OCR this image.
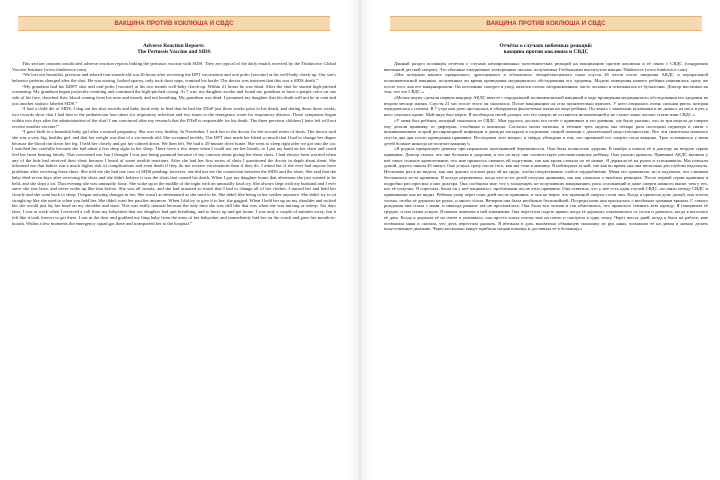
ВАКЦИНА ПРОТИВ КОКЛЮША И СВДС
Adverse Reaction Reports:
The Pertussis Vaccine and SIDS

This section contains unsolicited adverse reaction reports linking the pertussis vaccine with SIDS. They are typical of the daily emails received by the Thinktwice Global Vaccine Institute (www.thinktwice.com).

“We lost our beautiful, precious and adored four-month-old son 26 hours after receiving the DPT vaccination and oral polio [vaccine] at his well-baby check-up. Our son's behavior patterns changed after the shot. He was staring, looked spacey, only took short naps, vomited his bottle. The doctor was insistent that this was a SIDS death.”

“My grandson had his IsDPT shot and oral polio [vaccine] at his two month well-baby check-up. Within 21 hours he was dead. After the shot he started high-pitched screaming. My grandson began projectile vomiting and continued the high-pitched crying. At 7 a.m. my daughter awoke and found my grandson to have a purple color on one side of his face, clenched fists, blood coming from his nose and mouth, and not breathing. My grandson was dead. I promised my daughter that his death will not be in vain and just another statistic labeled SIDS.”

“I had a child die of SIDS. I dug out his shot records and baby book only to find that he had the DTaP just three weeks prior to his death, and during those three weeks, two records show that I had him to the pediatrician four times for respiratory infection and two times to the emergency room for respiratory distress. These symptoms began within two days after the administration of the shot! I am convinced after my research that the DTaP is responsible for his death. The three previous children I have left will not receive another vaccine!”

“I gave birth to a beautiful baby girl after a normal pregnancy. She was very healthy. In November, I took her to the doctor for her second series of shots. The doctor said she was a very big, healthy girl, and that her weight was that of a six-month-old. She screamed terribly. The DPT shot made her bleed so much that I had to change her diaper because the blood ran down her leg. I held her closely and got her calmed down. We then left. We had a 45-minute drive home. She went to sleep right after we got into the car. I watched her carefully because she had taken a few deep sighs in her sleep. There were a few times when I could not see her breath, so I put my hand on her chest and could feel her heart beating faintly. This concerned me, but I thought I was just being paranoid because of my concern about giving her these shots. I had always been worried when any of the kids had received their shots because I heard of some terrible reactions. After she had her first series of shots I questioned the doctor in depth about them. She informed me that babies run a much higher risk of complications and even death if they do not receive vaccinations than if they do. I asked her if she ever had anyone have problems after receiving these shots. She told me she had one case of SIDS pending; however, she did not see the connection between the SIDS and the shots. She said that the baby died seven days after receiving the shots and she didn't believe it was the shots that caused his death. When I got my daughter home that afternoon she just wanted to be held, and she slept a lot. That evening she was unusually fussy. She woke up in the middle of the night with an unusually loud cry. She always slept with my husband and I ever since she was born, and never woke up like that before. She was all sweaty, and she had urinated so much that I had to change all of her clothes. I nursed her and held her closely and she went back to sleep. I began noticing changes in her. She wasn't as determined as she used to be. She didn't like being in her walker anymore. She didn't try to sit straight up like she used to when you held her. She didn't want her pacifier anymore. When I did try to give it to her, she gagged. When I held her up on my shoulder and rocked her she would just lay her head on my shoulder and stare. This was really unusual because the only time she was still like that was when she was nursing or asleep. Six days later, I was at work when I received a call from my babysitter that our daughter had quit breathing, and to hurry up and get home. I was only a couple of minutes away, but it felt like it took forever to get there. I ran in the door and grabbed my limp baby from the arms of her babysitter and immediately laid her on the couch and gave her mouth-to-mouth. Within a few moments the emergency squad got there and transported her to the hospital.”

ВАКЦИНА ПРОТИВ КОКЛЮША И СВДС
Отчёты о случаях побочных реакций:
вакцина против коклюша и СВДС

Данный раздел посвящён отчётам о случаях незапрошенных патогенических реакций на вакцинацию против коклюша и её связи с СВДС (синдромом внезапной детской смерти). Это обычные ежедневные электронные письма, получаемые Глобальным институтом вакцин Thinktwice (www.thinktwice.com).

«Мы потеряли нашего прекрасного, драгоценного и обожаемого четырёхмесячного сына спустя 26 часов после введения АКДС и пероральной полиомиелитной вакцины, полученных во время проведения медицинского обследования его здоровья. Модель поведения нашего ребёнка изменилась сразу же после того, как его вакцинировали. Он постоянно смотрел в упор, казался слегка заторможенным, часто засыпал и отказывался от бутылочки. Доктор настаивал на том, что это СВДС.»

«Моему внуку сделали первую вакцину АКДС вместе с пероральной полиомиелитной вакциной в ходе проведения медицинского обследования его здоровья во втором месяце жизни. Спустя 21 час после этого он скончался. После вакцинации он стал пронзительно кричать. У него открылась очень сильная рвота, которая чередовалась с плачем. В 7 утра моя дочь проснулась и обнаружила фиолетовые пятна на лице ребёнка. Он лежал с зажатыми кулачками и не дышал, из носа и рта у него сочилась кровь. Мой внук был мёртв. Я пообещала своей дочери, что его смерть не останется незамеченной и не станет лишь частью статистики СВДС.»

«У меня был ребёнок, который скончался от СВДС. Мне удалось достать его отчёт о прививках и его дневник, где было указано, что за три недели до смерти ему делали прививку от дифтерии, столбняка и коклюша. Согласно моим записям, в течение трёх недель мы четыре раза посещали педиатра в связи с возникновением острой респираторной инфекции и дважды попадали в отделение скорой помощи с дыхательной недостаточностью. Все эти симптомы начались спустя два дня после проведения прививки. Исследовав этот вопрос, я твёрдо убеждена в том, что причиной его смерти стала вакцина. Трое оставшихся у меня детей больше никогда не получат вакцину!»

«Я родила прекрасную девочку при нормально протекавшей беременности. Она была полностью здорова. В ноябре я повела её к доктору на вторую серию прививок. Доктор сказал, что она большая и здоровая, и что по весу она соответствует шестимесячному ребёнку. Она ужасно кричала. Прививка АКДС вызвала у неё такое сильное кровотечение, что мне пришлось сменить ей подгузник, так как кровь стекала по её ножке. Я держала её на руках и успокаивала. Мы поехали домой, дорога заняла 45 минут. Она уснула сразу после того, как мы сели в машину. Я наблюдала за ней, так как во время сна она несколько раз глубоко вздохнула. Несколько раз я не видела, как она дышит, и клала руку ей на грудь, чтобы почувствовать слабое сердцебиение. Меня это тревожило, но я подумала, что слишком беспокоюсь из-за прививок. Я всегда переживала, когда кто-то из детей получал прививки, так как слышала о тяжёлых реакциях. После первой серии прививок я подробно расспросила о них доктора. Она сообщила мне, что у младенцев, не получивших вакцинацию, риск осложнений и даже смерти намного выше, чем у тех, кто её получил. Я спросила, были ли у неё пациенты с проблемами после этих прививок. Она ответила, что у неё есть один случай СВДС, но связи между СВДС и прививками она не видит. Ребёнок умер через семь дней после прививок, и она не верит, что причиной смерти стали они. Когда я привезла дочь домой, она хотела только, чтобы её держали на руках, и много спала. Вечером она была необычно беспокойной. Посреди ночи она проснулась с необычно громким криком. С самого рождения она спала с нами, и никогда раньше так не просыпалась. Она была вся потная и так обмочилась, что пришлось сменить всю одежду. Я покормила её грудью, и она снова уснула. Я начала замечать в ней изменения. Она перестала сидеть прямо, когда её держали, отказывалась от соски и давилась, когда я пыталась её дать. Когда я держала её на плече и укачивала, она просто клала голову мне на плечо и смотрела в одну точку. Через шесть дней, когда я была на работе, мне позвонила няня и сказала, что дочь перестала дышать. Я вбежала в дом, выхватила обмякшую малышку из рук няни, положила её на диван и начала делать искусственное дыхание. Через несколько минут прибыла скорая помощь и доставила её в больницу.»
